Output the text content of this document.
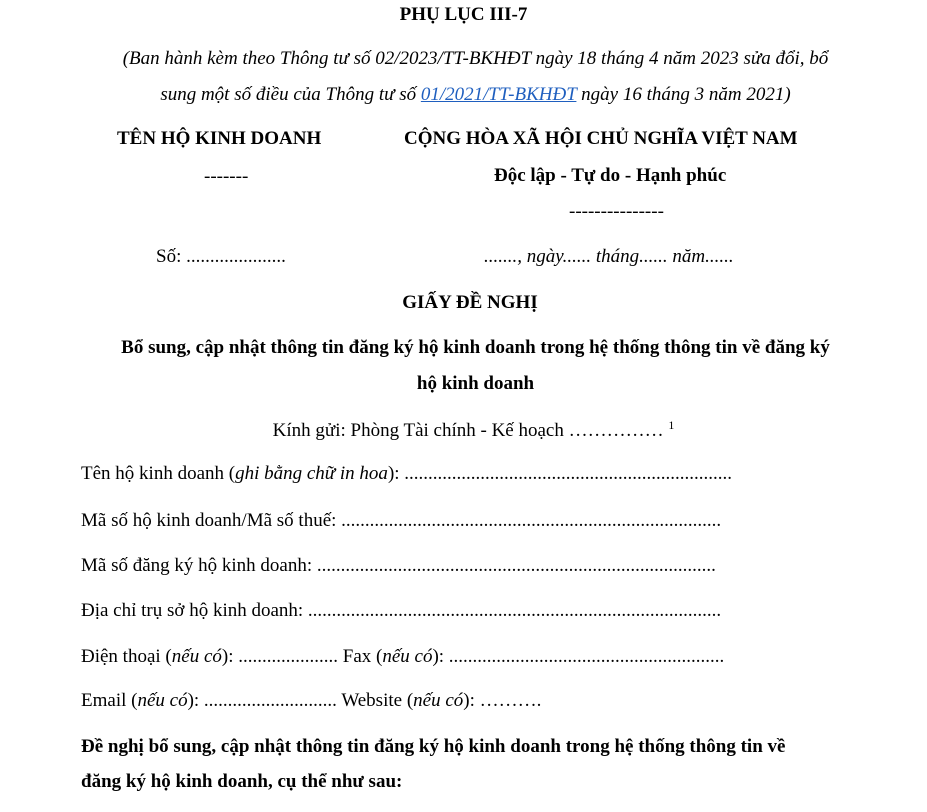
PHỤ LỤC III-7
(Ban hành kèm theo Thông tư số 02/2023/TT-BKHĐT ngày 18 tháng 4 năm 2023 sửa đổi, bổ
sung một số điều của Thông tư số 01/2021/TT-BKHĐT ngày 16 tháng 3 năm 2021)
TÊN HỘ KINH DOANH
-------
Số: .....................
CỘNG HÒA XÃ HỘI CHỦ NGHĨA VIỆT NAM
Độc lập - Tự do - Hạnh phúc
---------------
......., ngày...... tháng...... năm......
GIẤY ĐỀ NGHỊ
Bổ sung, cập nhật thông tin đăng ký hộ kinh doanh trong hệ thống thông tin về đăng ký
hộ kinh doanh
Kính gửi: Phòng Tài chính - Kế hoạch …………… $^1$
Tên hộ kinh doanh (ghi bằng chữ in hoa): .....................................................................
Mã số hộ kinh doanh/Mã số thuế: ................................................................................
Mã số đăng ký hộ kinh doanh: ....................................................................................
Địa chỉ trụ sở hộ kinh doanh: .......................................................................................
Điện thoại (nếu có): ..................... Fax (nếu có): ..........................................................
Email (nếu có): ............................ Website (nếu có): ……….
Đề nghị bổ sung, cập nhật thông tin đăng ký hộ kinh doanh trong hệ thống thông tin về
đăng ký hộ kinh doanh, cụ thể như sau:
